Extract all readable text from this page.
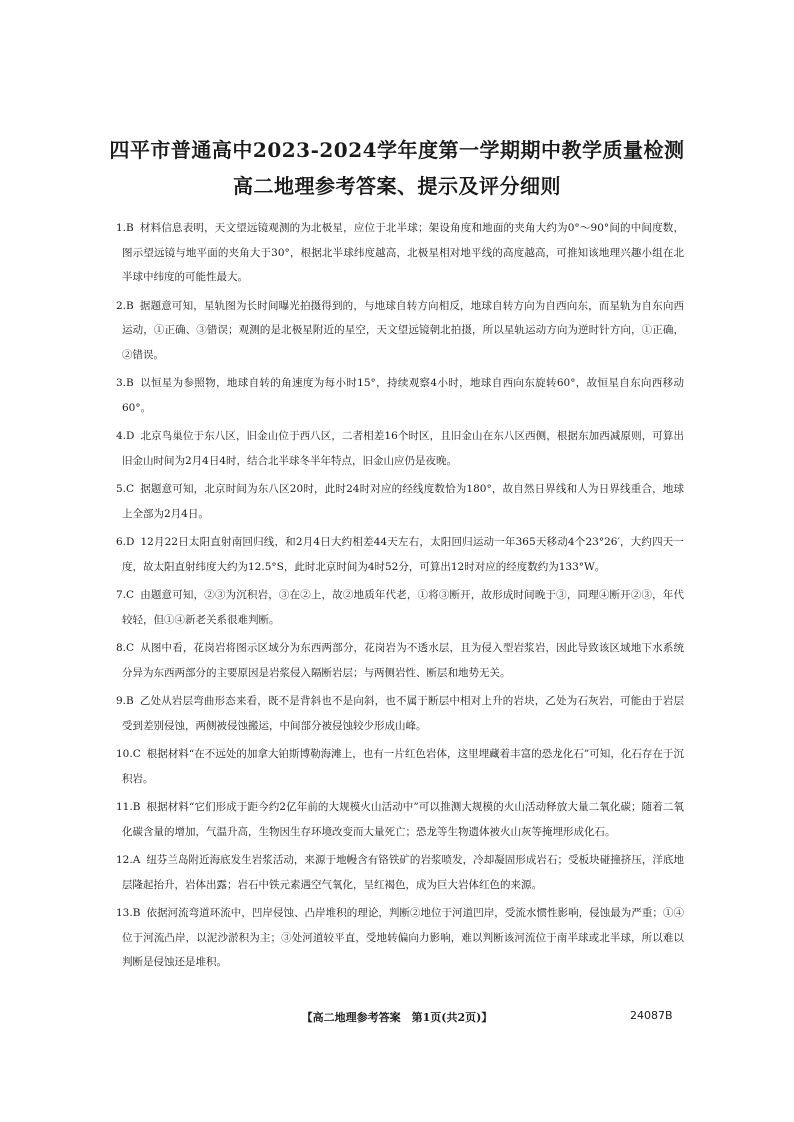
四平市普通高中2023-2024学年度第一学期期中教学质量检测
高二地理参考答案、提示及评分细则
1.B 材料信息表明，天文望远镜观测的为北极星，应位于北半球；架设角度和地面的夹角大约为0°～90°间的中间度数，图示望远镜与地平面的夹角大于30°，根据北半球纬度越高，北极星相对地平线的高度越高，可推知该地理兴趣小组在北半球中纬度的可能性最大。
2.B 据题意可知，星轨图为长时间曝光拍摄得到的，与地球自转方向相反，地球自转方向为自西向东，而星轨为自东向西运动，①正确、③错误；观测的是北极星附近的星空，天文望远镜朝北拍摄，所以星轨运动方向为逆时针方向，①正确，②错误。
3.B 以恒星为参照物，地球自转的角速度为每小时15°，持续观察4小时，地球自西向东旋转60°，故恒星自东向西移动60°。
4.D 北京鸟巢位于东八区，旧金山位于西八区，二者相差16个时区，且旧金山在东八区西侧，根据东加西减原则，可算出旧金山时间为2月4日4时，结合北半球冬半年特点，旧金山应仍是夜晚。
5.C 据题意可知，北京时间为东八区20时，此时24时对应的经线度数恰为180°，故自然日界线和人为日界线重合，地球上全部为2月4日。
6.D 12月22日太阳直射南回归线，和2月4日大约相差44天左右，太阳回归运动一年365天移动4个23°26′，大约四天一度，故太阳直射纬度大约为12.5°S，此时北京时间为4时52分，可算出12时对应的经度数约为133°W。
7.C 由题意可知，②③为沉积岩，③在②上，故②地质年代老，①将③断开，故形成时间晚于③，同理④断开②③，年代较轻，但①④新老关系很难判断。
8.C 从图中看，花岗岩将图示区域分为东西两部分，花岗岩为不透水层，且为侵入型岩浆岩，因此导致该区域地下水系统分异为东西两部分的主要原因是岩浆侵入隔断岩层；与两侧岩性、断层和地势无关。
9.B 乙处从岩层弯曲形态来看，既不是背斜也不是向斜，也不属于断层中相对上升的岩块，乙处为石灰岩，可能由于岩层受到差别侵蚀，两侧被侵蚀搬运，中间部分被侵蚀较少形成山峰。
10.C 根据材料“在不远处的加拿大铂斯博勒海滩上，也有一片红色岩体，这里埋藏着丰富的恐龙化石”可知，化石存在于沉积岩。
11.B 根据材料“它们形成于距今约2亿年前的大规模火山活动中”可以推测大规模的火山活动释放大量二氧化碳；随着二氧化碳含量的增加，气温升高，生物因生存环境改变而大量死亡；恐龙等生物遗体被火山灰等掩埋形成化石。
12.A 纽芬兰岛附近海底发生岩浆活动，来源于地幔含有铬铁矿的岩浆喷发，冷却凝固形成岩石；受板块碰撞挤压，洋底地层隆起抬升，岩体出露；岩石中铁元素遇空气氧化，呈红褐色，成为巨大岩体红色的来源。
13.B 依据河流弯道环流中，凹岸侵蚀、凸岸堆积的理论，判断②地位于河道凹岸，受流水惯性影响，侵蚀最为严重；①④位于河流凸岸，以泥沙淤积为主；③处河道较平直，受地转偏向力影响，难以判断该河流位于南半球或北半球，所以难以判断是侵蚀还是堆积。
【高二地理参考答案　第1页(共2页)】	24087B
